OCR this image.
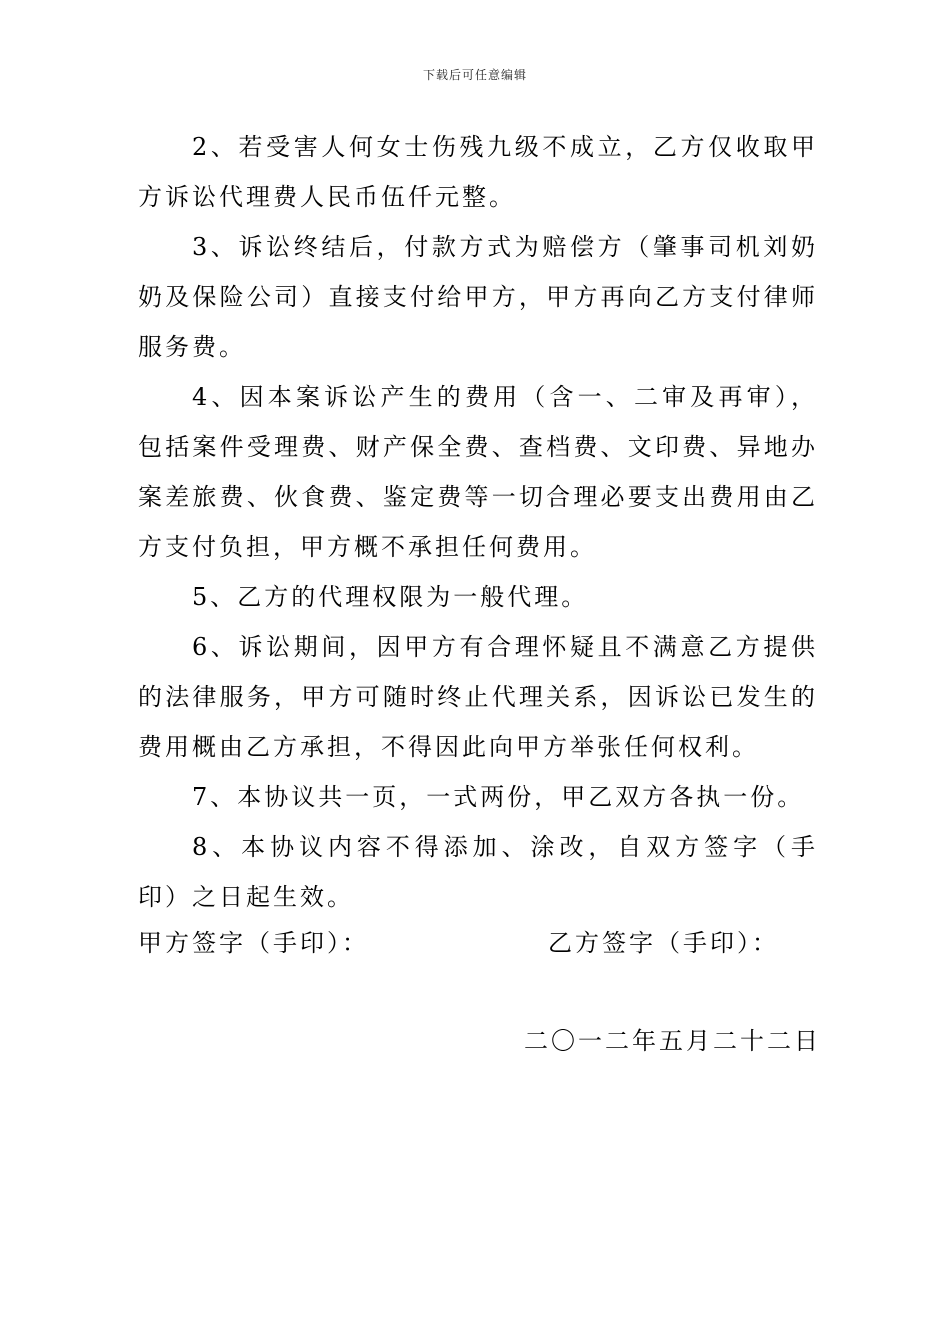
下载后可任意编辑

2、若受害人何女士伤残九级不成立，乙方仅收取甲方诉讼代理费人民币伍仟元整。

3、诉讼终结后，付款方式为赔偿方（肇事司机刘奶奶及保险公司）直接支付给甲方，甲方再向乙方支付律师服务费。

4、因本案诉讼产生的费用（含一、二审及再审），包括案件受理费、财产保全费、查档费、文印费、异地办案差旅费、伙食费、鉴定费等一切合理必要支出费用由乙方支付负担，甲方概不承担任何费用。

5、乙方的代理权限为一般代理。

6、诉讼期间，因甲方有合理怀疑且不满意乙方提供的法律服务，甲方可随时终止代理关系，因诉讼已发生的费用概由乙方承担，不得因此向甲方举张任何权利。

7、本协议共一页，一式两份，甲乙双方各执一份。

8、本协议内容不得添加、涂改，自双方签字（手印）之日起生效。

甲方签字（手印）：	乙方签字（手印）：
二〇一二年五月二十二日
